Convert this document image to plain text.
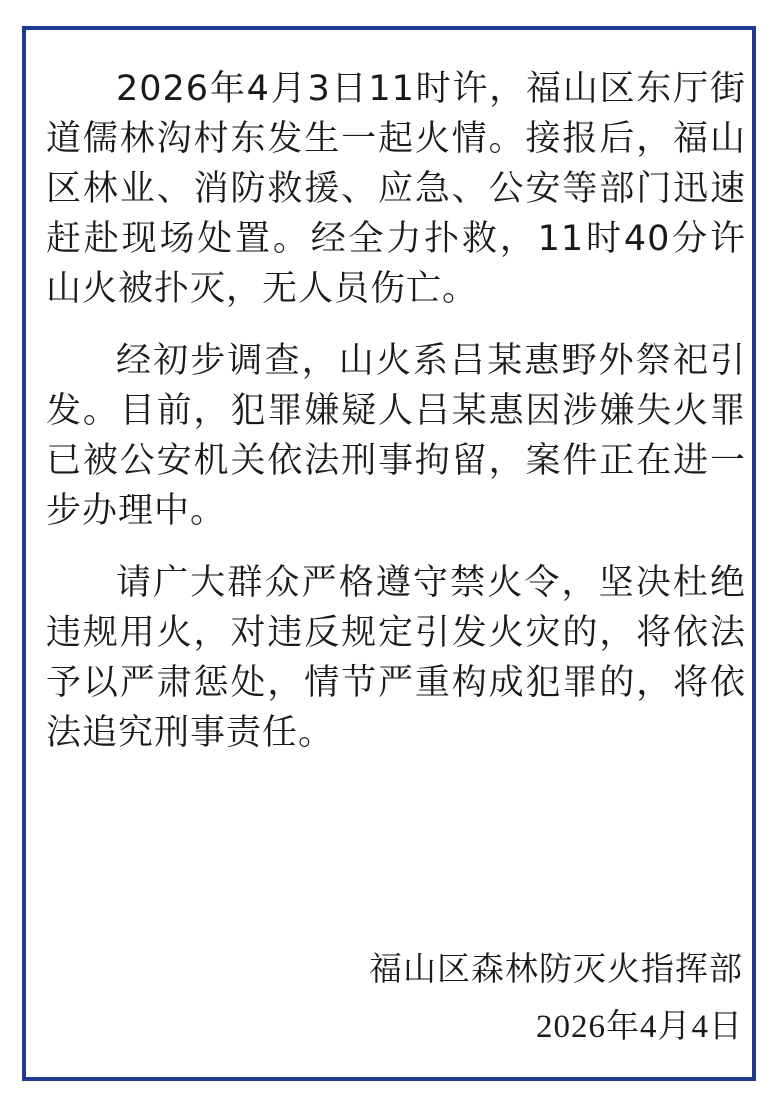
2026年4月3日11时许，福山区东厅街道儒林沟村东发生一起火情。接报后，福山区林业、消防救援、应急、公安等部门迅速赶赴现场处置。经全力扑救，11时40分许山火被扑灭，无人员伤亡。

经初步调查，山火系吕某惠野外祭祀引发。目前，犯罪嫌疑人吕某惠因涉嫌失火罪已被公安机关依法刑事拘留，案件正在进一步办理中。

请广大群众严格遵守禁火令，坚决杜绝违规用火，对违反规定引发火灾的，将依法予以严肃惩处，情节严重构成犯罪的，将依法追究刑事责任。

福山区森林防灭火指挥部
2026年4月4日
